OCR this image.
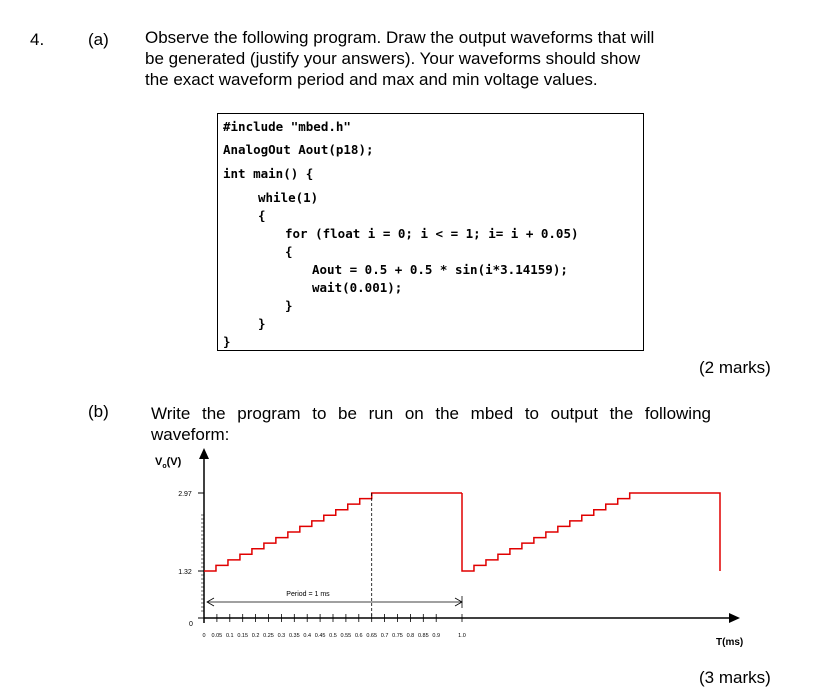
4.	(a) Observe the following program. Draw the output waveforms that will
be generated (justify your answers). Your waveforms should show
the exact waveform period and max and min voltage values.
#include "mbed.h"
AnalogOut Aout(p18);
int main() {
while(1)
{
for (float i = 0; i < = 1; i= i + 0.05)
{
Aout = 0.5 + 0.5 * sin(i*3.14159);
wait(0.001);
}
}
}
(2 marks)
(b) Write the program to be run on the mbed to output the following
waveform:
$V_o(V)$
T(ms)
0
1.32
2.97
0 0.05 0.1 0.15 0.2 0.25 0.3 0.35 0.4 0.45 0.5 0.55 0.6 0.65 0.7 0.75 0.8 0.85 0.9	1.0
Period = 1 ms
(3 marks)
